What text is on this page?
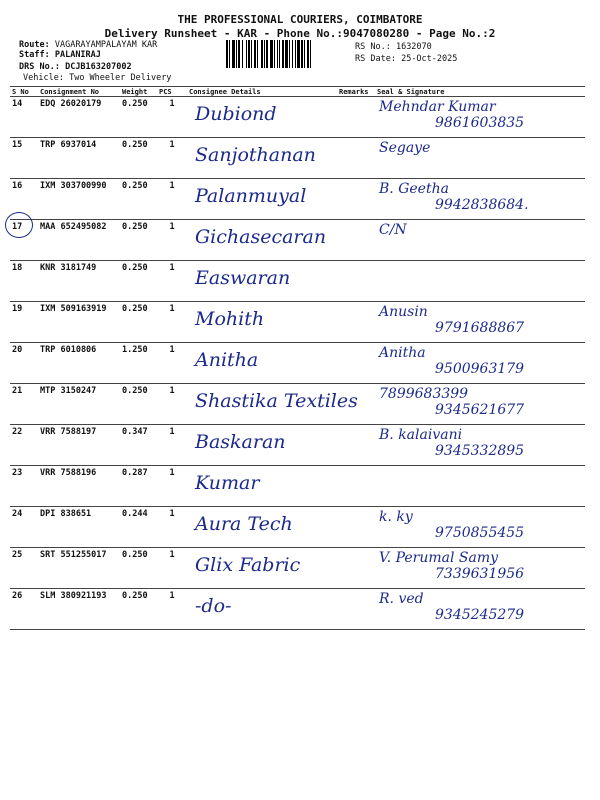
THE PROFESSIONAL COURIERS, COIMBATORE
Delivery Runsheet - KAR - Phone No.:9047080280 - Page No.:2
Route: VAGARAYAMPALAYAM KAR
Staff: PALANIRAJ
DRS No.: DCJB163207002
Vehicle: Two Wheeler Delivery
RS No.: 1632070
RS Date: 25-Oct-2025
S No	Consignment No	Weight	PCS	Consignee Details	Remarks	Seal & Signature
14	EDQ 26020179	0.250	1	Dubiond		Mehndar Kumar
9861603835

15	TRP 6937014	0.250	1	Sanjothanan		Segaye

16	IXM 303700990	0.250	1	Palanmuyal		B. Geetha
9942838684.

17	MAA 652495082	0.250	1	Gichasecaran		C/N

18	KNR 3181749	0.250	1	Easwaran		

19	IXM 509163919	0.250	1	Mohith		Anusin
9791688867

20	TRP 6010806	1.250	1	Anitha		Anitha
9500963179

21	MTP 3150247	0.250	1	Shastika Textiles		7899683399
9345621677

22	VRR 7588197	0.347	1	Baskaran		B. kalaivani
9345332895

23	VRR 7588196	0.287	1	Kumar		

24	DPI 838651	0.244	1	Aura Tech		k. ky
9750855455

25	SRT 551255017	0.250	1	Glix Fabric		V. Perumal Samy
7339631956

26	SLM 380921193	0.250	1	-do-		R. ved
9345245279
